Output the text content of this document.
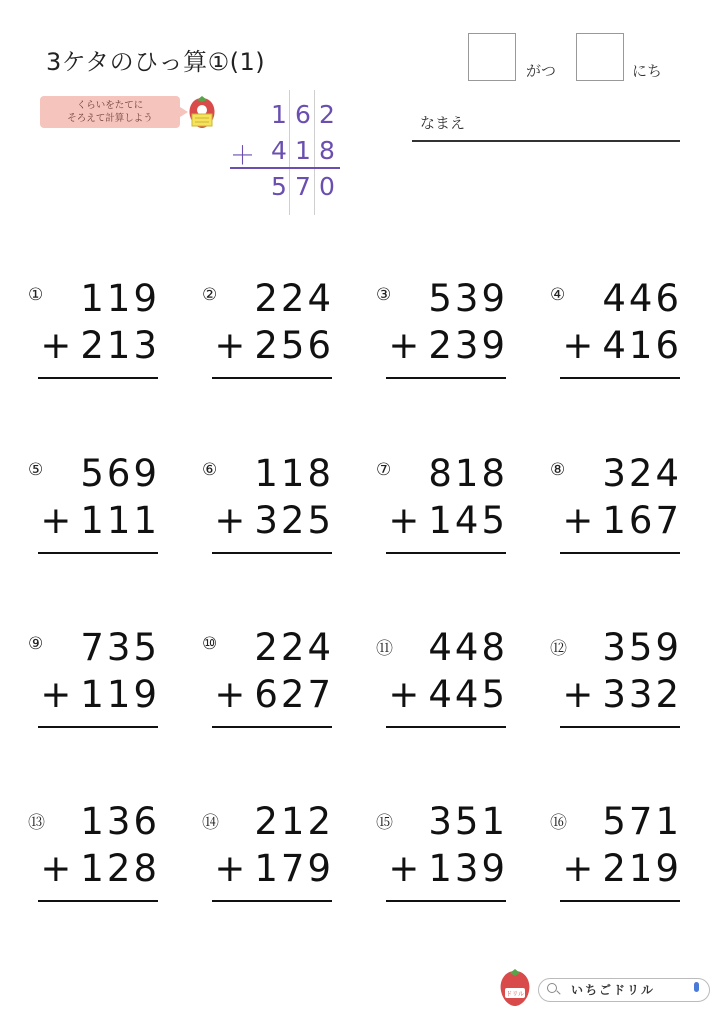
3ケタのひっ算①(1)	がつ	にち
なまえ
くらいをたてに
そろえて計算しよう	1 6 2
＋ 4 1 8
5 7 0
① 119
+ 213
② 224
+ 256
③ 539
+ 239
④ 446
+ 416
⑤ 569
+ 111
⑥ 118
+ 325
⑦ 818
+ 145
⑧ 324
+ 167
⑨ 735
+ 119
⑩ 224
+ 627
⑪ 448
+ 445
⑫ 359
+ 332
⑬ 136
+ 128
⑭ 212
+ 179
⑮ 351
+ 139
⑯ 571
+ 219
ドリル	いちごドリル
